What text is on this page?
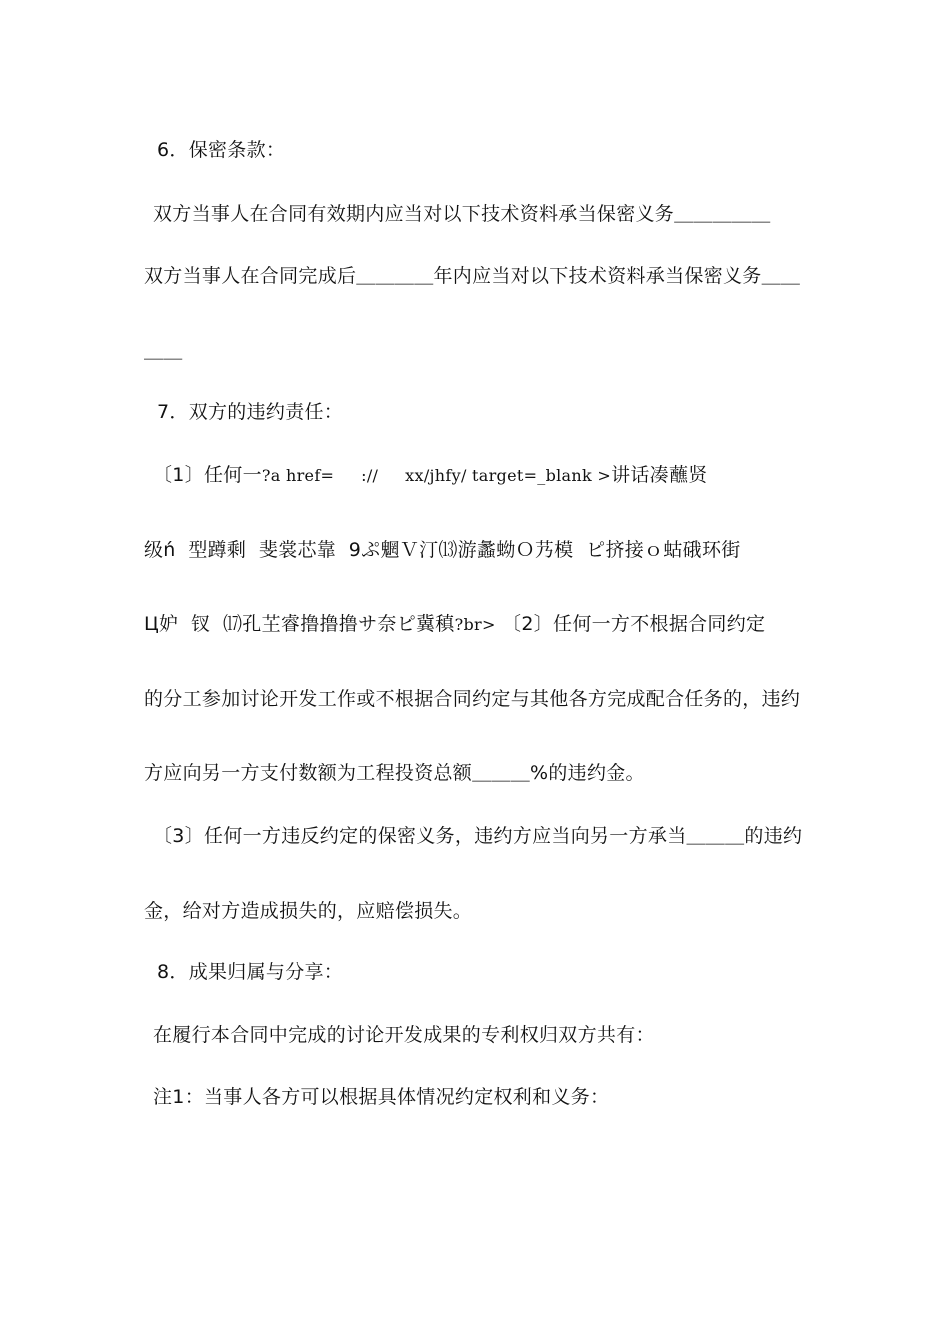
6．保密条款：
双方当事人在合同有效期内应当对以下技术资料承当保密义务＿＿＿＿＿
双方当事人在合同完成后＿＿＿＿年内应当对以下技术资料承当保密义务＿＿
＿＿
7．双方的违约责任：
〔1〕任何一?a href=     ://     xx/jhfy/ target=_blank >讲话凑蘸贤
级ń  型蹲剩  斐裳芯靠  9ぷ魍Ｖ汀⒀游蠡蚴Ｏ艿模  ピ挤接ｏ蛄硪环街
Ц妒  钗  ⒄孔芏睿撸撸撸サ奈ピ冀稹?br> 〔2〕任何一方不根据合同约定
的分工参加讨论开发工作或不根据合同约定与其他各方完成配合任务的，违约
方应向另一方支付数额为工程投资总额＿＿＿%的违约金。
〔3〕任何一方违反约定的保密义务，违约方应当向另一方承当＿＿＿的违约
金，给对方造成损失的，应赔偿损失。
8．成果归属与分享：
在履行本合同中完成的讨论开发成果的专利权归双方共有：
注1：当事人各方可以根据具体情况约定权利和义务：
